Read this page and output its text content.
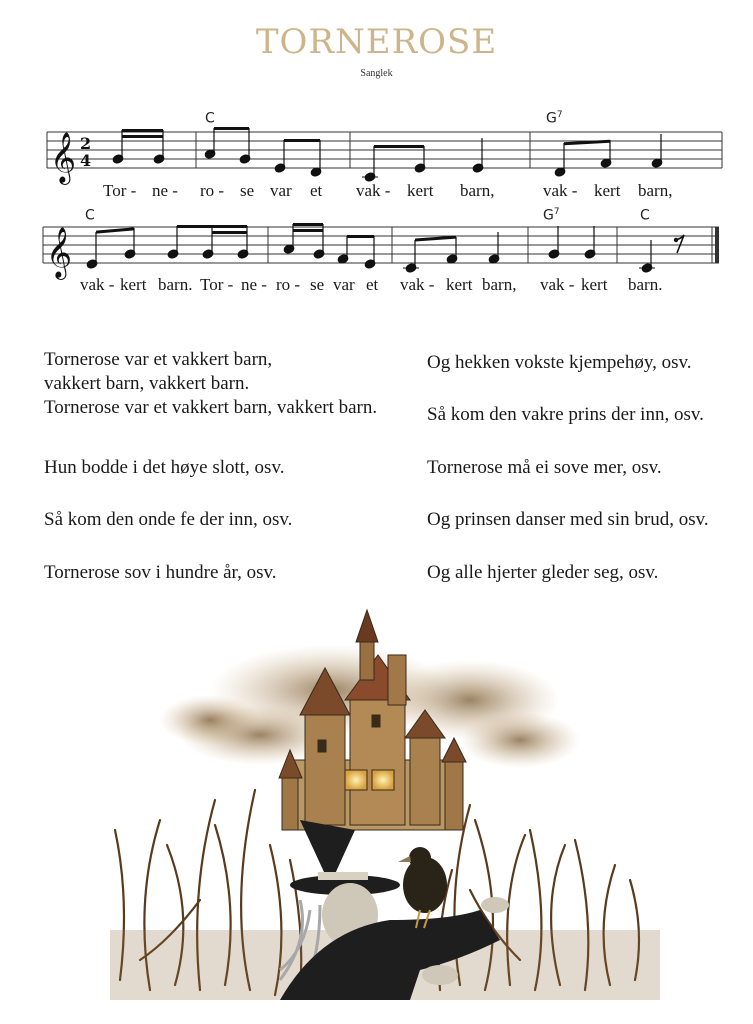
TORNEROSE
Sanglek
𝄞 2
4
𝄞
C	$G^7$
C	$G^7$	C
Tor - ne - ro - se var et vak - kert barn,	vak - kert barn,
vak - kert barn. Tor - ne - ro - se var et vak - kert barn, vak - kert barn.
Tornerose var et vakkert barn,
vakkert barn, vakkert barn.
Tornerose var et vakkert barn, vakkert barn.
Hun bodde i det høye slott, osv.
Så kom den onde fe der inn, osv.
Tornerose sov i hundre år, osv.
Og hekken vokste kjempehøy, osv.
Så kom den vakre prins der inn, osv.
Tornerose må ei sove mer, osv.
Og prinsen danser med sin brud, osv.
Og alle hjerter gleder seg, osv.
